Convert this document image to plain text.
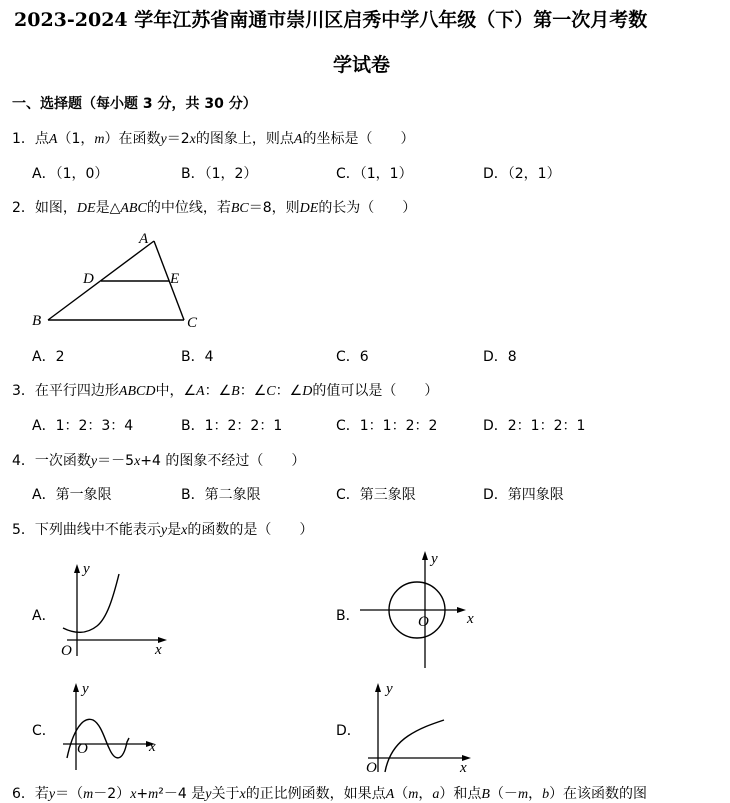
2023-2024 学年江苏省南通市崇川区启秀中学八年级（下）第一次月考数
学试卷
一、选择题（每小题 3 分，共 30 分）
1．点A（1，m）在函数y＝2x的图象上，则点A的坐标是（　　）
A．（1，0）	B．（1，2）	C．（1，1）	D．（2，1）
2．如图，DE是△ABC的中位线，若BC＝8，则DE的长为（　　）
A
B	C
D	E
A．2	B．4	C．6	D．8
3．在平行四边形ABCD中，∠A：∠B：∠C：∠D的值可以是（　　）
A．1：2：3：4	B．1：2：2：1	C．1：1：2：2	D．2：1：2：1
4．一次函数y＝－5x+4 的图象不经过（　　）
A．第一象限	B．第二象限	C．第三象限	D．第四象限
5．下列曲线中不能表示y是x的函数的是（　　）
A．	B．
C．	D．
y
O	x
y
O	x
y
O	x
y
O	x
6．若y＝（m－2）x+m²－4 是y关于x的正比例函数，如果点A（m，a）和点B（－m，b）在该函数的图
